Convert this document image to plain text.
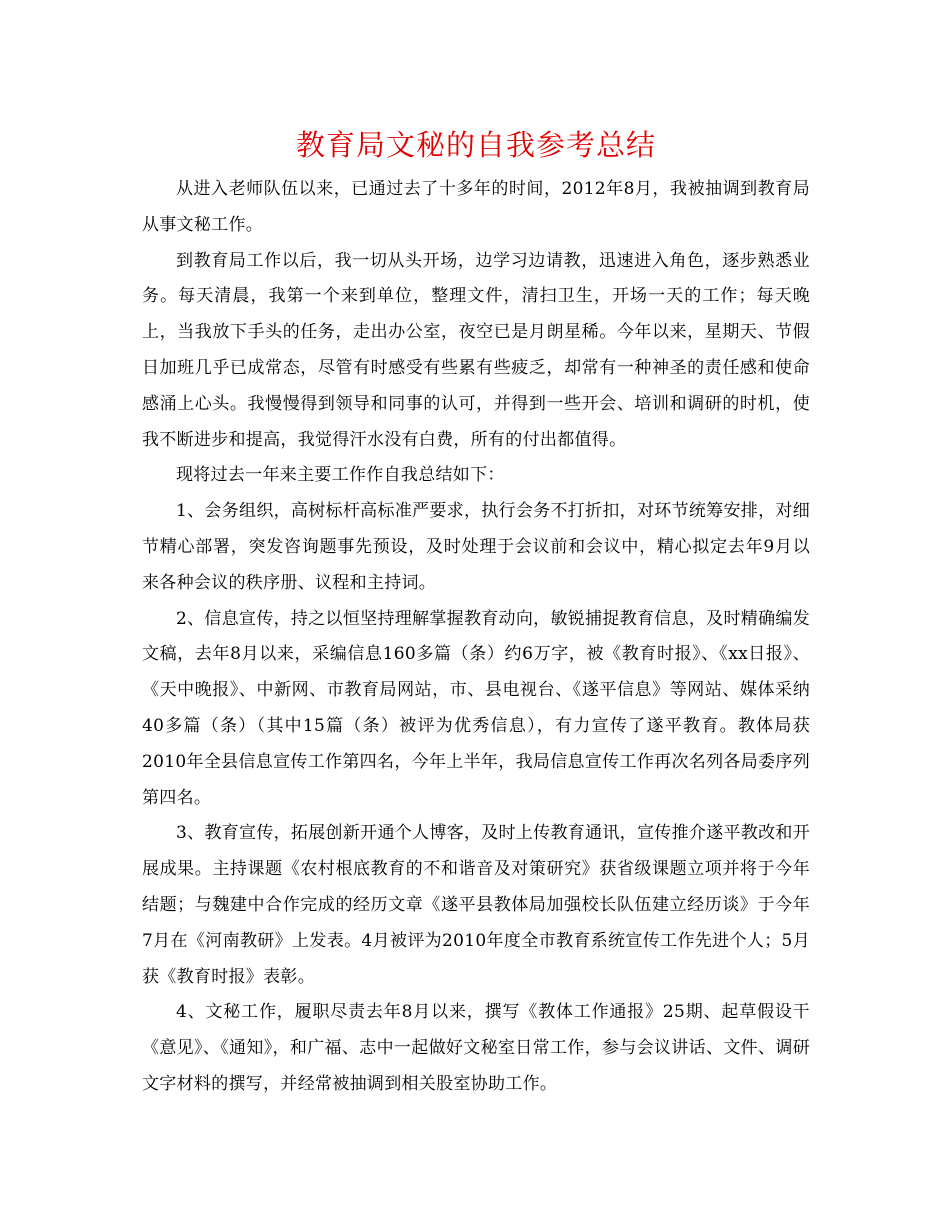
教育局文秘的自我参考总结

从进入老师队伍以来，已通过去了十多年的时间，2012年8月，我被抽调到教育局从事文秘工作。

到教育局工作以后，我一切从头开场，边学习边请教，迅速进入角色，逐步熟悉业务。每天清晨，我第一个来到单位，整理文件，清扫卫生，开场一天的工作；每天晚上，当我放下手头的任务，走出办公室，夜空已是月朗星稀。今年以来，星期天、节假日加班几乎已成常态，尽管有时感受有些累有些疲乏，却常有一种神圣的责任感和使命感涌上心头。我慢慢得到领导和同事的认可，并得到一些开会、培训和调研的时机，使我不断进步和提高，我觉得汗水没有白费，所有的付出都值得。

现将过去一年来主要工作作自我总结如下：

1、会务组织，高树标杆高标准严要求，执行会务不打折扣，对环节统筹安排，对细节精心部署，突发咨询题事先预设，及时处理于会议前和会议中，精心拟定去年9月以来各种会议的秩序册、议程和主持词。

2、信息宣传，持之以恒坚持理解掌握教育动向，敏锐捕捉教育信息，及时精确编发文稿，去年8月以来，采编信息160多篇（条）约6万字，被《教育时报》、《xx日报》、《天中晚报》、中新网、市教育局网站，市、县电视台、《遂平信息》等网站、媒体采纳40多篇（条）（其中15篇（条）被评为优秀信息），有力宣传了遂平教育。教体局获2010年全县信息宣传工作第四名，今年上半年，我局信息宣传工作再次名列各局委序列第四名。

3、教育宣传，拓展创新开通个人博客，及时上传教育通讯，宣传推介遂平教改和开展成果。主持课题《农村根底教育的不和谐音及对策研究》获省级课题立项并将于今年结题；与魏建中合作完成的经历文章《遂平县教体局加强校长队伍建立经历谈》于今年7月在《河南教研》上发表。4月被评为2010年度全市教育系统宣传工作先进个人；5月获《教育时报》表彰。

4、文秘工作，履职尽责去年8月以来，撰写《教体工作通报》25期、起草假设干《意见》、《通知》，和广福、志中一起做好文秘室日常工作，参与会议讲话、文件、调研文字材料的撰写，并经常被抽调到相关股室协助工作。
